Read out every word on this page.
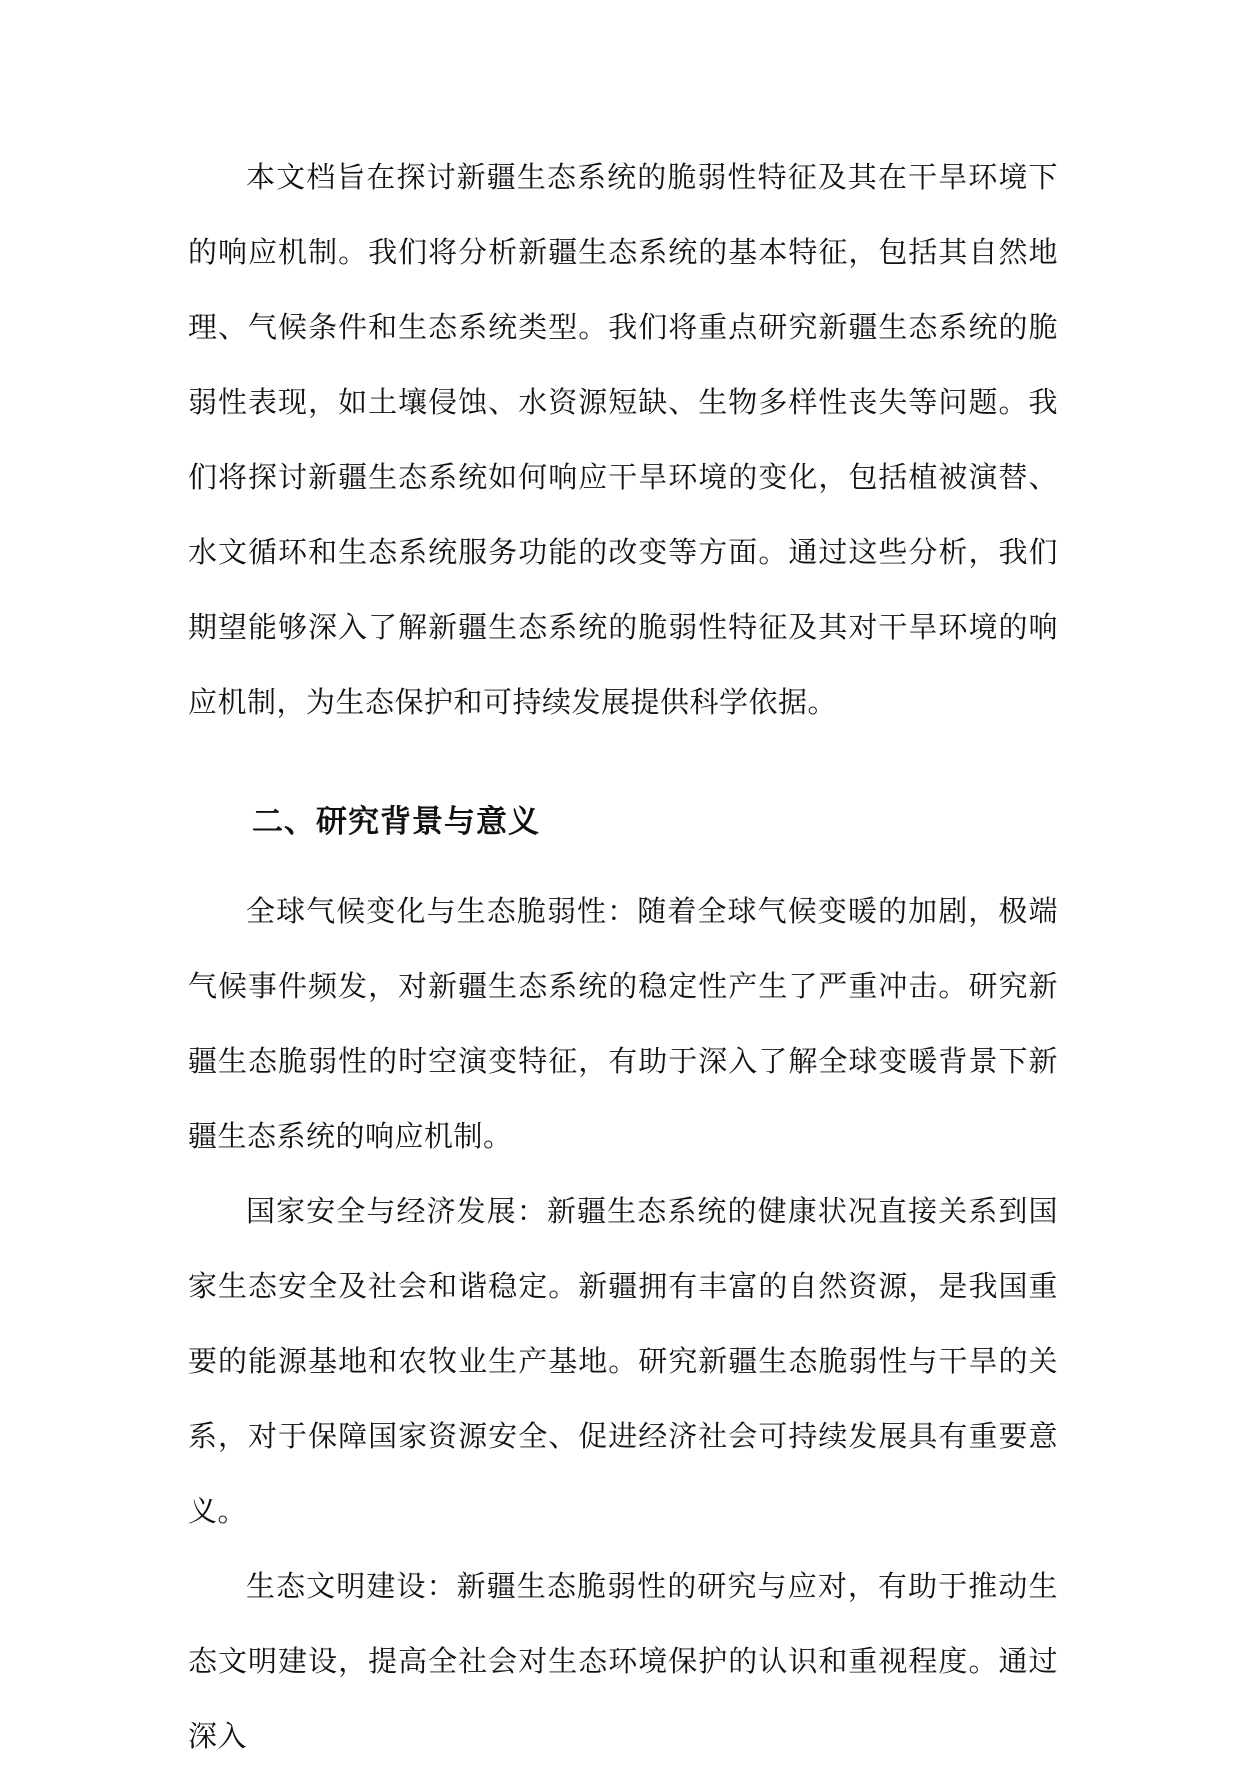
本文档旨在探讨新疆生态系统的脆弱性特征及其在干旱环境下的响应机制。我们将分析新疆生态系统的基本特征，包括其自然地理、气候条件和生态系统类型。我们将重点研究新疆生态系统的脆弱性表现，如土壤侵蚀、水资源短缺、生物多样性丧失等问题。我们将探讨新疆生态系统如何响应干旱环境的变化，包括植被演替、水文循环和生态系统服务功能的改变等方面。通过这些分析，我们期望能够深入了解新疆生态系统的脆弱性特征及其对干旱环境的响应机制，为生态保护和可持续发展提供科学依据。

二、研究背景与意义

全球气候变化与生态脆弱性：随着全球气候变暖的加剧，极端气候事件频发，对新疆生态系统的稳定性产生了严重冲击。研究新疆生态脆弱性的时空演变特征，有助于深入了解全球变暖背景下新疆生态系统的响应机制。

国家安全与经济发展：新疆生态系统的健康状况直接关系到国家生态安全及社会和谐稳定。新疆拥有丰富的自然资源，是我国重要的能源基地和农牧业生产基地。研究新疆生态脆弱性与干旱的关系，对于保障国家资源安全、促进经济社会可持续发展具有重要意义。

生态文明建设：新疆生态脆弱性的研究与应对，有助于推动生态文明建设，提高全社会对生态环境保护的认识和重视程度。通过深入
